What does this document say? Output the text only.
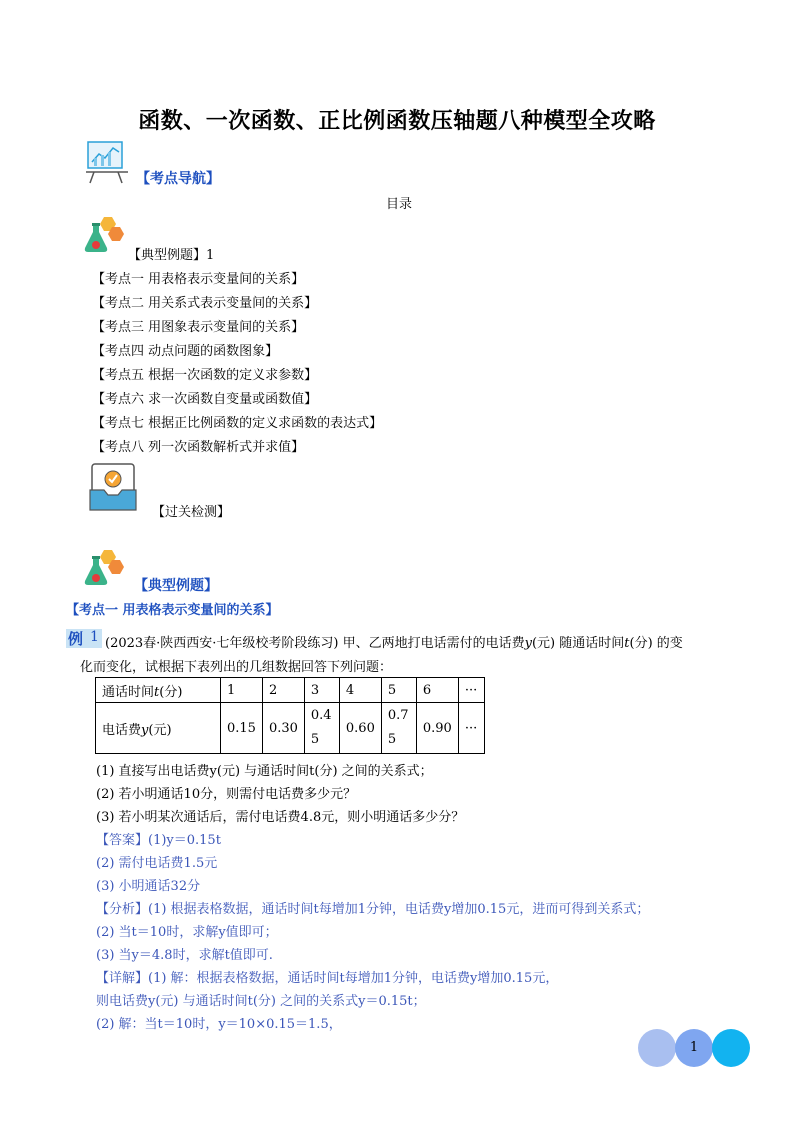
函数、一次函数、正比例函数压轴题八种模型全攻略
【考点导航】
目录
【典型例题】1
【考点一 用表格表示变量间的关系】
【考点二 用关系式表示变量间的关系】
【考点三 用图象表示变量间的关系】
【考点四 动点问题的函数图象】
【考点五 根据一次函数的定义求参数】
【考点六 求一次函数自变量或函数值】
【考点七 根据正比例函数的定义求函数的表达式】
【考点八 列一次函数解析式并求值】
【过关检测】
【典型例题】
【考点一 用表格表示变量间的关系】
例 1 (2023春·陕西西安·七年级校考阶段练习) 甲、乙两地打电话需付的电话费y(元) 随通话时间t(分) 的变
化而变化，试根据下表列出的几组数据回答下列问题：
通话时间t(分)	1	2	3	4	5	6	···
电话费y(元)	0.15	0.30	0.45	0.60	0.75	0.90	···
(1) 直接写出电话费y(元) 与通话时间t(分) 之间的关系式；
(2) 若小明通话10分，则需付电话费多少元？
(3) 若小明某次通话后，需付电话费4.8元，则小明通话多少分？
【答案】(1)y＝0.15t
(2) 需付电话费1.5元
(3) 小明通话32分
【分析】(1) 根据表格数据，通话时间t每增加1分钟，电话费y增加0.15元，进而可得到关系式；
(2) 当t＝10时，求解y值即可；
(3) 当y＝4.8时，求解t值即可.
【详解】(1) 解：根据表格数据，通话时间t每增加1分钟，电话费y增加0.15元，
则电话费y(元) 与通话时间t(分) 之间的关系式y＝0.15t；
(2) 解：当t＝10时，y＝10×0.15＝1.5，
1
